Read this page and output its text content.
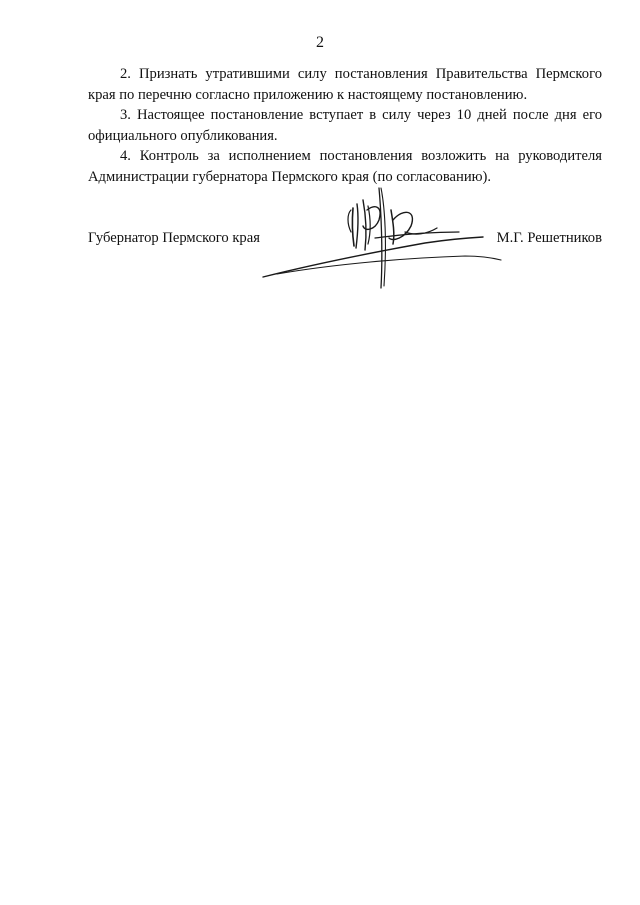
2

2. Признать утратившими силу постановления Правительства Пермского края по перечню согласно приложению к настоящему постановлению.

3. Настоящее постановление вступает в силу через 10 дней после дня его официального опубликования.

4. Контроль за исполнением постановления возложить на руководителя Администрации губернатора Пермского края (по согласованию).

Губернатор Пермского края	М.Г. Решетников
